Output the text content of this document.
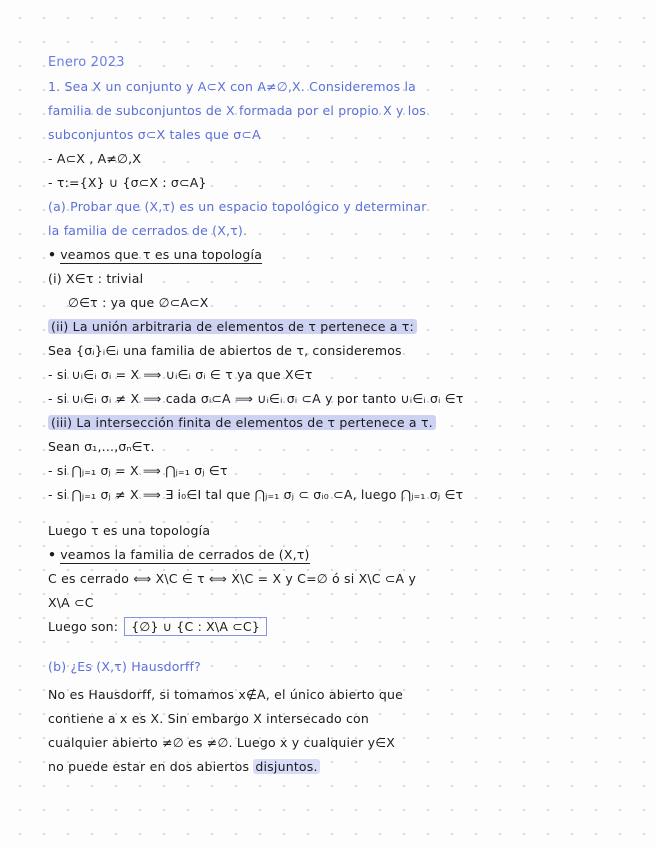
Enero 2023
1. Sea X un conjunto y A⊂X con A≠∅,X. Consideremos la
familia de subconjuntos de X formada por el propio X y los
subconjuntos σ⊂X tales que σ⊂A
- A⊂X , A≠∅,X
- τ:={X} ∪ {σ⊂X : σ⊂A}
(a) Probar que (X,τ) es un espacio topológico y determinar
la familia de cerrados de (X,τ).
• veamos que τ es una topología
(i) X∈τ : trivial
∅∈τ : ya que ∅⊂A⊂X
(ii) La unión arbitraria de elementos de τ pertenece a τ:
Sea {σᵢ}ᵢ∈ᵢ una familia de abiertos de τ, consideremos
- si ∪ᵢ∈ᵢ σᵢ = X ⟹ ∪ᵢ∈ᵢ σᵢ ∈ τ ya que X∈τ
- si ∪ᵢ∈ᵢ σᵢ ≠ X ⟹ cada σᵢ⊂A ⟹ ∪ᵢ∈ᵢ σᵢ ⊂A y por tanto ∪ᵢ∈ᵢ σᵢ ∈τ
(iii) La intersección finita de elementos de τ pertenece a τ.
Sean σ₁,...,σₙ∈τ.
- si ⋂ⱼ₌₁ σⱼ = X ⟹ ⋂ⱼ₌₁ σⱼ ∈τ
- si ⋂ⱼ₌₁ σⱼ ≠ X ⟹ ∃ i₀∈I tal que ⋂ⱼ₌₁ σⱼ ⊂ σᵢ₀ ⊂A, luego ⋂ⱼ₌₁ σⱼ ∈τ
Luego τ es una topología
• veamos la familia de cerrados de (X,τ)
C es cerrado ⟺ X\C ∈ τ ⟺ X\C = X y C=∅ ó si X\C ⊂A y
X\A ⊂C
Luego son: {∅} ∪ {C : X\A ⊂C}
(b) ¿Es (X,τ) Hausdorff?
No es Hausdorff, si tomamos x∉A, el único abierto que
contiene a x es X. Sin embargo X intersecado con
cualquier abierto ≠∅ es ≠∅. Luego x y cualquier y∈X
no puede estar en dos abiertos disjuntos.
